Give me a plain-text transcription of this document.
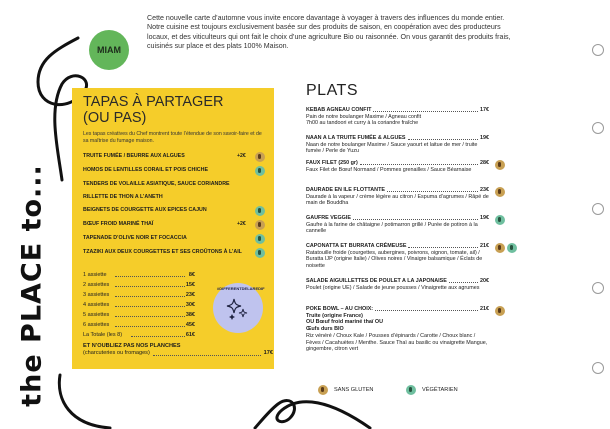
the PLACE to...
MIAM

Cette nouvelle carte d’automne vous invite encore davantage à voyager à travers des influences du monde entier. Notre cuisine est toujours exclusivement basée sur des produits de saison, en coopération avec des producteurs locaux, et des viticulteurs qui ont fait le choix d’une agriculture Bio ou raisonnée. On vous garantit des produits frais, cuisinés sur place et des plats 100% Maison.

TAPAS À PARTAGER
(OU PAS)

Les tapas créatives du Chef montrent toute l’étendue de son savoir-faire et de sa maîtrise du fumage maison.

TRUITE FUMÉE / BEURRE AUX ALGUES	+2€
HOMOS DE LENTILLES CORAIL ET POIS CHICHE
TENDERS DE VOLAILLE ASIATIQUE, SAUCE CORIANDRE
RILLETTE DE THON A L’ANETH
BEIGNETS DE COURGETTE AUX EPICES CAJUN
BŒUF FROID MARINÉ THAÏ	+2€
TAPENADE D’OLIVE NOIR ET FOCACCIA
TZAZIKI AUX DEUX COURGETTES ET SES CROÛTONS À L’AIL
1 assiette	8€
2 assiettes	15€
3 assiettes	23€
4 assiettes	30€
5 assiettes	38€
6 assiettes	45€
La Totale (les 8)	61€
#DIFFERENTDELAREDIF
ET N’OUBLIEZ PAS NOS PLANCHES
(charcuteries ou fromages)	17€
PLATS
KEBAB AGNEAU CONFIT	17€
Pain de notre boulanger Maxime / Agneau confit
7h00 au tandoori et curry à la coriandre fraîche
NAAN A LA TRUITE FUMÉE & ALGUES	19€
Naan de notre boulanger Maxime / Sauce yaourt et laitue de mer / truite fumée / Perle de Yuzu
FAUX FILET (250 gr)	28€
Faux Filet de Bœuf Normand / Pommes grenailles / Sauce Béarnaise
DAURADE EN ILE FLOTTANTE	23€
Daurade à la vapeur / crème légère au citron / Espuma d’agrumes / Râpé de main de Bouddha
GAUFRE VEGGIE	19€
Gaufre à la farine de châtaigne / potimarron grillé / Purée de potiron à la cannelle
CAPONATTA ET BURRATA CRÉMEUSE	21€
Ratatouille froide (courgettes, aubergines, poivrons, oignon, tomate, ail) / Buratta IJP (origine Italie) / Olives noires / Vinaigre balsamique / Éclats de noisette
SALADE AIGUILLETTES DE POULET A LA JAPONAISE	20€
Poulet (origine UE) / Salade de jeune pousses / Vinaigrette aux agrumes
POKE BOWL – AU CHOIX:	21€
Truite (origine France)
OU Bœuf froid mariné thaï OU
Œufs durs BIO
Riz vénéré / Choux Kale / Pousses d’épinards / Carotte / Choux blanc / Fèves / Cacahuètes / Menthe. Sauce Thaï au basilic ou vinaigrette Mangue, gingembre, citron vert
SANS GLUTEN	VÉGÉTARIEN
